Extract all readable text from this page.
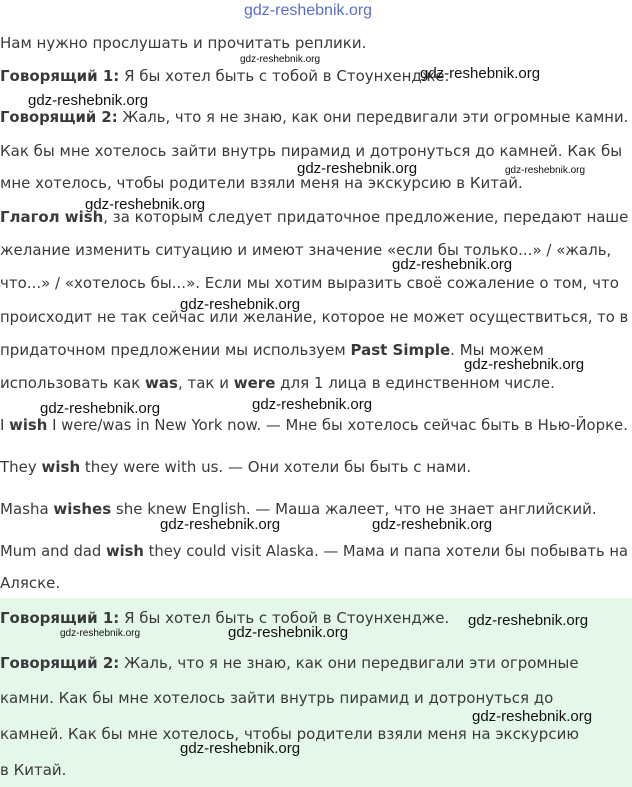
gdz-reshebnik.org
Нам нужно прослушать и прочитать реплики.
Говорящий 1: Я бы хотел быть с тобой в Стоунхендже.
Говорящий 2: Жаль, что я не знаю, как они передвигали эти огромные камни.
Как бы мне хотелось зайти внутрь пирамид и дотронуться до камней. Как бы
мне хотелось, чтобы родители взяли меня на экскурсию в Китай.
Глагол wish, за которым следует придаточное предложение, передают наше
желание изменить ситуацию и имеют значение «если бы только...» / «жаль,
что...» / «хотелось бы...». Если мы хотим выразить своё сожаление о том, что
происходит не так сейчас или желание, которое не может осуществиться, то в
придаточном предложении мы используем Past Simple. Мы можем
использовать как was, так и were для 1 лица в единственном числе.
I wish I were/was in New York now. — Мне бы хотелось сейчас быть в Нью-Йорке.
They wish they were with us. — Они хотели бы быть с нами.
Masha wishes she knew English. — Маша жалеет, что не знает английский.
Mum and dad wish they could visit Alaska. — Мама и папа хотели бы побывать на
Аляске.
Говорящий 1: Я бы хотел быть с тобой в Стоунхендже.
Говорящий 2: Жаль, что я не знаю, как они передвигали эти огромные
камни. Как бы мне хотелось зайти внутрь пирамид и дотронуться до
камней. Как бы мне хотелось, чтобы родители взяли меня на экскурсию
в Китай.
gdz-reshebnik.org
gdz-reshebnik.org
gdz-reshebnik.org
gdz-reshebnik.org	gdz-reshebnik.org
gdz-reshebnik.org
gdz-reshebnik.org
gdz-reshebnik.org
gdz-reshebnik.org
gdz-reshebnik.org	gdz-reshebnik.org
gdz-reshebnik.org	gdz-reshebnik.org
gdz-reshebnik.org
gdz-reshebnik.org	gdz-reshebnik.org
gdz-reshebnik.org
gdz-reshebnik.org
